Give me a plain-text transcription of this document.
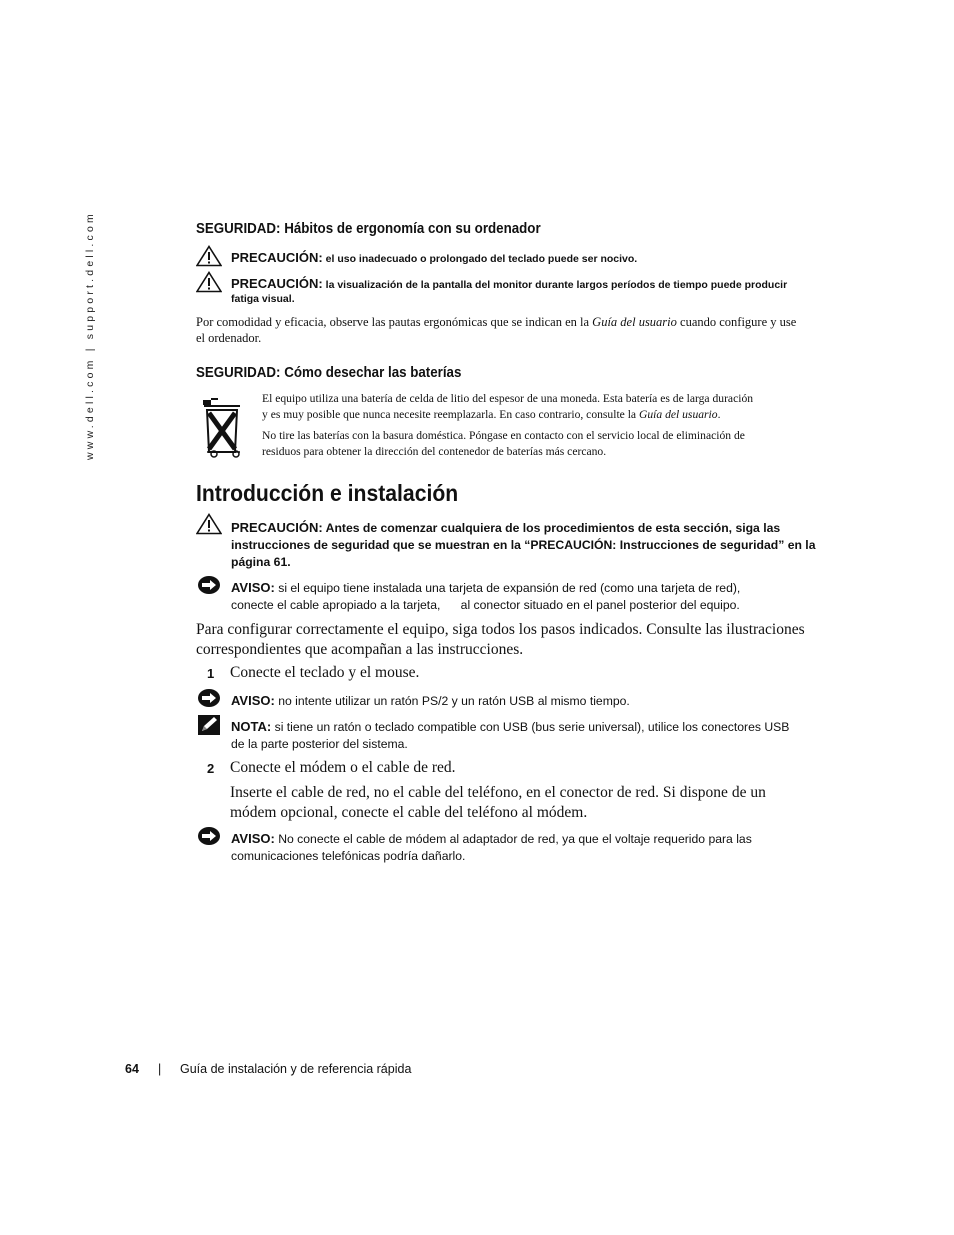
www.dell.com | support.dell.com	SEGURIDAD: Hábitos de ergonomía con su ordenador
PRECAUCIÓN: el uso inadecuado o prolongado del teclado puede ser nocivo.
PRECAUCIÓN: la visualización de la pantalla del monitor durante largos períodos de tiempo puede producir
fatiga visual.
Por comodidad y eficacia, observe las pautas ergonómicas que se indican en la Guía del usuario cuando configure y use
el ordenador.
SEGURIDAD: Cómo desechar las baterías
El equipo utiliza una batería de celda de litio del espesor de una moneda. Esta batería es de larga duración
y es muy posible que nunca necesite reemplazarla. En caso contrario, consulte la Guía del usuario.
No tire las baterías con la basura doméstica. Póngase en contacto con el servicio local de eliminación de
residuos para obtener la dirección del contenedor de baterías más cercano.
Introducción e instalación
PRECAUCIÓN: Antes de comenzar cualquiera de los procedimientos de esta sección, siga las
instrucciones de seguridad que se muestran en la “PRECAUCIÓN: Instrucciones de seguridad” en la
página 61.
AVISO: si el equipo tiene instalada una tarjeta de expansión de red (como una tarjeta de red),
conecte el cable apropiado a la tarjeta,      al conector situado en el panel posterior del equipo.
Para configurar correctamente el equipo, siga todos los pasos indicados. Consulte las ilustraciones
correspondientes que acompañan a las instrucciones.
1 Conecte el teclado y el mouse.
AVISO: no intente utilizar un ratón PS/2 y un ratón USB al mismo tiempo.
NOTA: si tiene un ratón o teclado compatible con USB (bus serie universal), utilice los conectores USB
de la parte posterior del sistema.
2 Conecte el módem o el cable de red.
Inserte el cable de red, no el cable del teléfono, en el conector de red. Si dispone de un
módem opcional, conecte el cable del teléfono al módem.
AVISO: No conecte el cable de módem al adaptador de red, ya que el voltaje requerido para las
comunicaciones telefónicas podría dañarlo.
64 | Guía de instalación y de referencia rápida
